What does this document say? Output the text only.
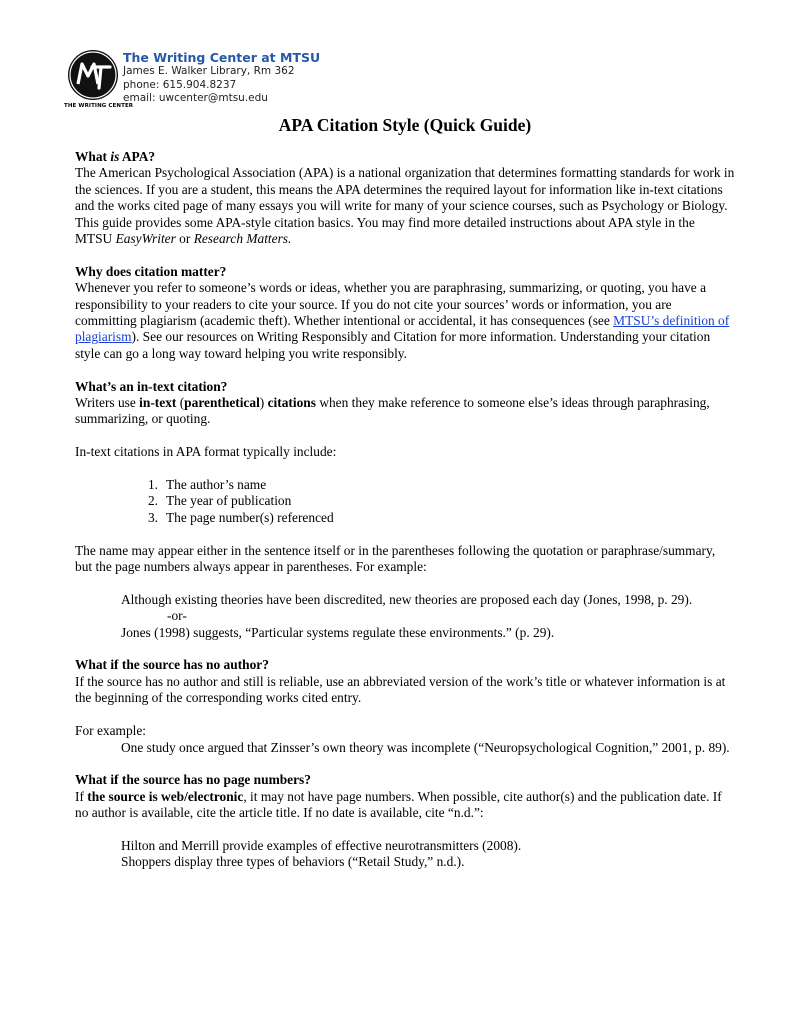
THE WRITING CENTER
The Writing Center at MTSU
James E. Walker Library, Rm 362
phone: 615.904.8237
email: uwcenter@mtsu.edu
APA Citation Style (Quick Guide)

What is APA?

The American Psychological Association (APA) is a national organization that determines formatting standards for work in the sciences. If you are a student, this means the APA determines the required layout for information like in-text citations and the works cited page of many essays you will write for many of your science courses, such as Psychology or Biology. This guide provides some APA-style citation basics. You may find more detailed instructions about APA style in the MTSU EasyWriter or Research Matters.

Why does citation matter?

Whenever you refer to someone’s words or ideas, whether you are paraphrasing, summarizing, or quoting, you have a responsibility to your readers to cite your source. If you do not cite your sources’ words or information, you are committing plagiarism (academic theft). Whether intentional or accidental, it has consequences (see MTSU’s definition of plagiarism). See our resources on Writing Responsibly and Citation for more information. Understanding your citation style can go a long way toward helping you write responsibly.

What’s an in-text citation?

Writers use in-text (parenthetical) citations when they make reference to someone else’s ideas through paraphrasing, summarizing, or quoting.

In-text citations in APA format typically include:

1. The author’s name
2. The year of publication
3. The page number(s) referenced

The name may appear either in the sentence itself or in the parentheses following the quotation or paraphrase/summary, but the page numbers always appear in parentheses. For example:

Although existing theories have been discredited, new theories are proposed each day (Jones, 1998, p. 29).

-or-

Jones (1998) suggests, “Particular systems regulate these environments.” (p. 29).

What if the source has no author?

If the source has no author and still is reliable, use an abbreviated version of the work’s title or whatever information is at the beginning of the corresponding works cited entry.

For example:

One study once argued that Zinsser’s own theory was incomplete (“Neuropsychological Cognition,” 2001, p. 89).

What if the source has no page numbers?

If the source is web/electronic, it may not have page numbers. When possible, cite author(s) and the publication date. If no author is available, cite the article title. If no date is available, cite “n.d.”:

Hilton and Merrill provide examples of effective neurotransmitters (2008).

Shoppers display three types of behaviors (“Retail Study,” n.d.).
